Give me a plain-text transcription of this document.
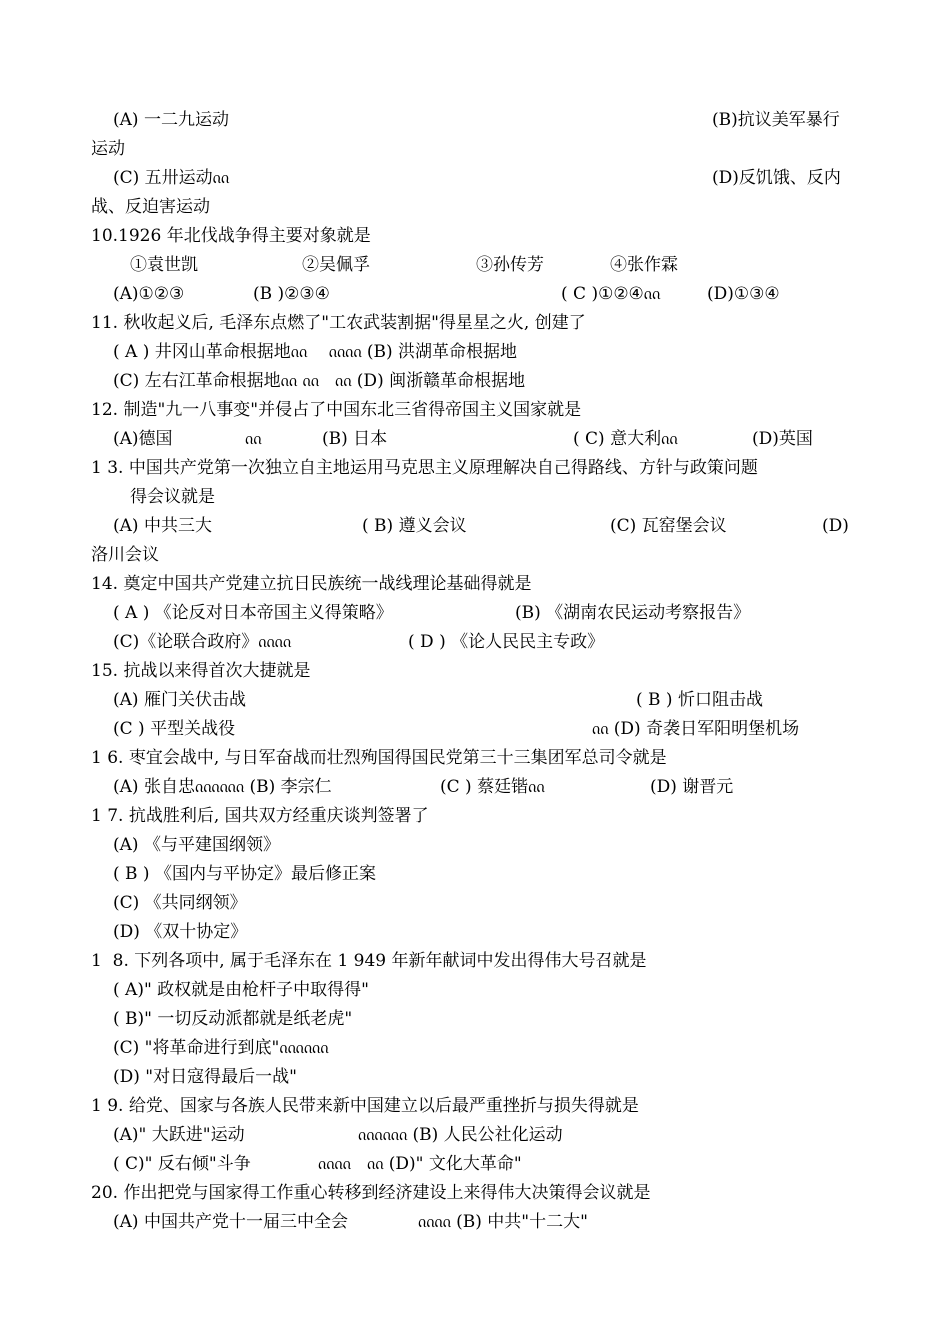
(A) 一二九运动	(B)抗议美军暴行
运动
(C) 五卅运动ᦶ	(D)反饥饿、反内
战、反迫害运动
10.1926 年北伐战争得主要对象就是
①袁世凯	②吴佩孚	③孙传芳	④张作霖
(A)①②③	(B )②③④	( C )①②④ᦶ	(D)①③④
11. 秋收起义后, 毛泽东点燃了"工农武装割据"得星星之火, 创建了
( A ) 井冈山革命根据地ᦶ    ᦶᦶ (B) 洪湖革命根据地
(C) 左右江革命根据地ᦶ ᦶ   ᦶ (D) 闽浙赣革命根据地
12. 制造"九一八事变"并侵占了中国东北三省得帝国主义国家就是
(A)德国	ᦶ	(B) 日本	( C) 意大利ᦶ	(D)英国
1 3. 中国共产党第一次独立自主地运用马克思主义原理解决自己得路线、方针与政策问题
得会议就是
(A) 中共三大	( B) 遵义会议	(C) 瓦窑堡会议	(D)
洛川会议
14. 奠定中国共产党建立抗日民族统一战线理论基础得就是
( A ) 《论反对日本帝国主义得策略》	(B) 《湖南农民运动考察报告》
(C)《论联合政府》ᦶᦶ	( D ) 《论人民民主专政》
15. 抗战以来得首次大捷就是
(A) 雁门关伏击战	( B ) 忻口阻击战
(C ) 平型关战役	ᦶ (D) 奇袭日军阳明堡机场
1 6. 枣宜会战中, 与日军奋战而壮烈殉国得国民党第三十三集团军总司令就是
(A) 张自忠ᦶᦶᦶ (B) 李宗仁	(C ) 蔡廷锴ᦶ	(D) 谢晋元
1 7. 抗战胜利后, 国共双方经重庆谈判签署了
(A) 《与平建国纲领》
( B ) 《国内与平协定》最后修正案
(C) 《共同纲领》
(D) 《双十协定》
1  8. 下列各项中, 属于毛泽东在 1 949 年新年献词中发出得伟大号召就是
( A)" 政权就是由枪杆子中取得得"
( B)" 一切反动派都就是纸老虎"
(C) "将革命进行到底"ᦶᦶᦶ
(D) "对日寇得最后一战"
1 9. 给党、国家与各族人民带来新中国建立以后最严重挫折与损失得就是
(A)" 大跃进"运动	ᦶᦶᦶ (B) 人民公社化运动
( C)" 反右倾"斗争	ᦶᦶ   ᦶ (D)" 文化大革命"
20. 作出把党与国家得工作重心转移到经济建设上来得伟大决策得会议就是
(A) 中国共产党十一届三中全会	ᦶᦶ (B) 中共"十二大"
